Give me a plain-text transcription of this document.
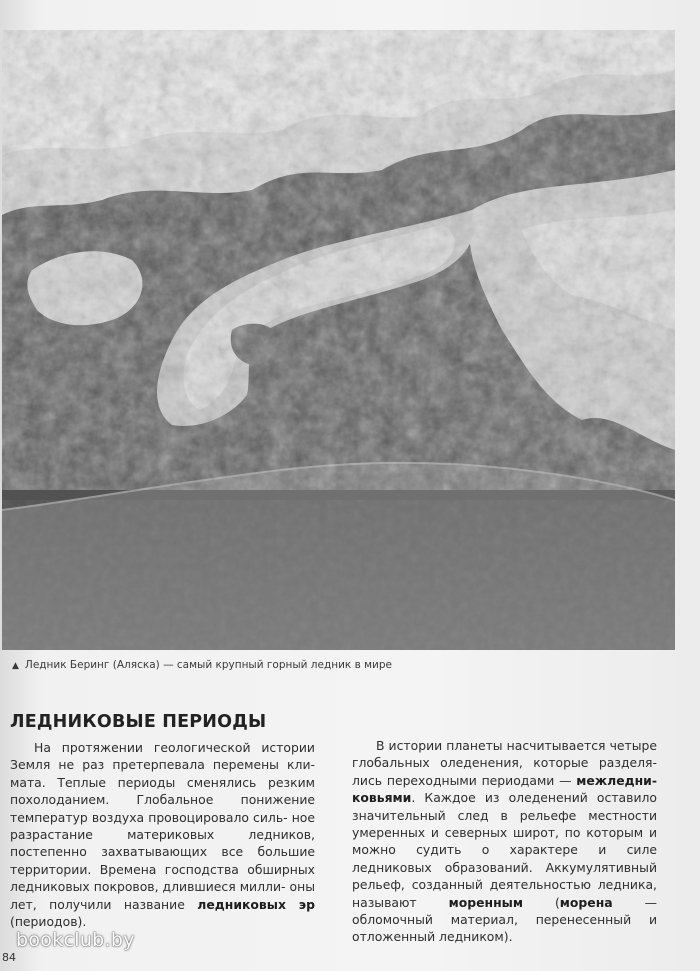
▲ Ледник Беринг (Аляска) — самый крупный горный ледник в мире
ЛЕДНИКОВЫЕ ПЕРИОДЫ

На протяжении геологической истории Земля не раз претерпевала перемены кли- мата. Теплые периоды сменялись резким похолоданием. Глобальное понижение температур воздуха провоцировало силь- ное разрастание материковых ледников, постепенно захватывающих все большие территории. Времена господства обширных ледниковых покровов, длившиеся милли- оны лет, получили название ледниковых эр (периодов).

В истории планеты насчитывается четыре глобальных оледенения, которые разделя- лись переходными периодами — межледни-ковьями. Каждое из оледенений оставило значительный след в рельефе местности умеренных и северных широт, по которым и можно судить о характере и силе ледниковых образований. Аккумулятивный рельеф, созданный деятельностью ледника, называют моренным (морена — обломочный материал, перенесенный и отложенный ледником).

bookclub.by
84
